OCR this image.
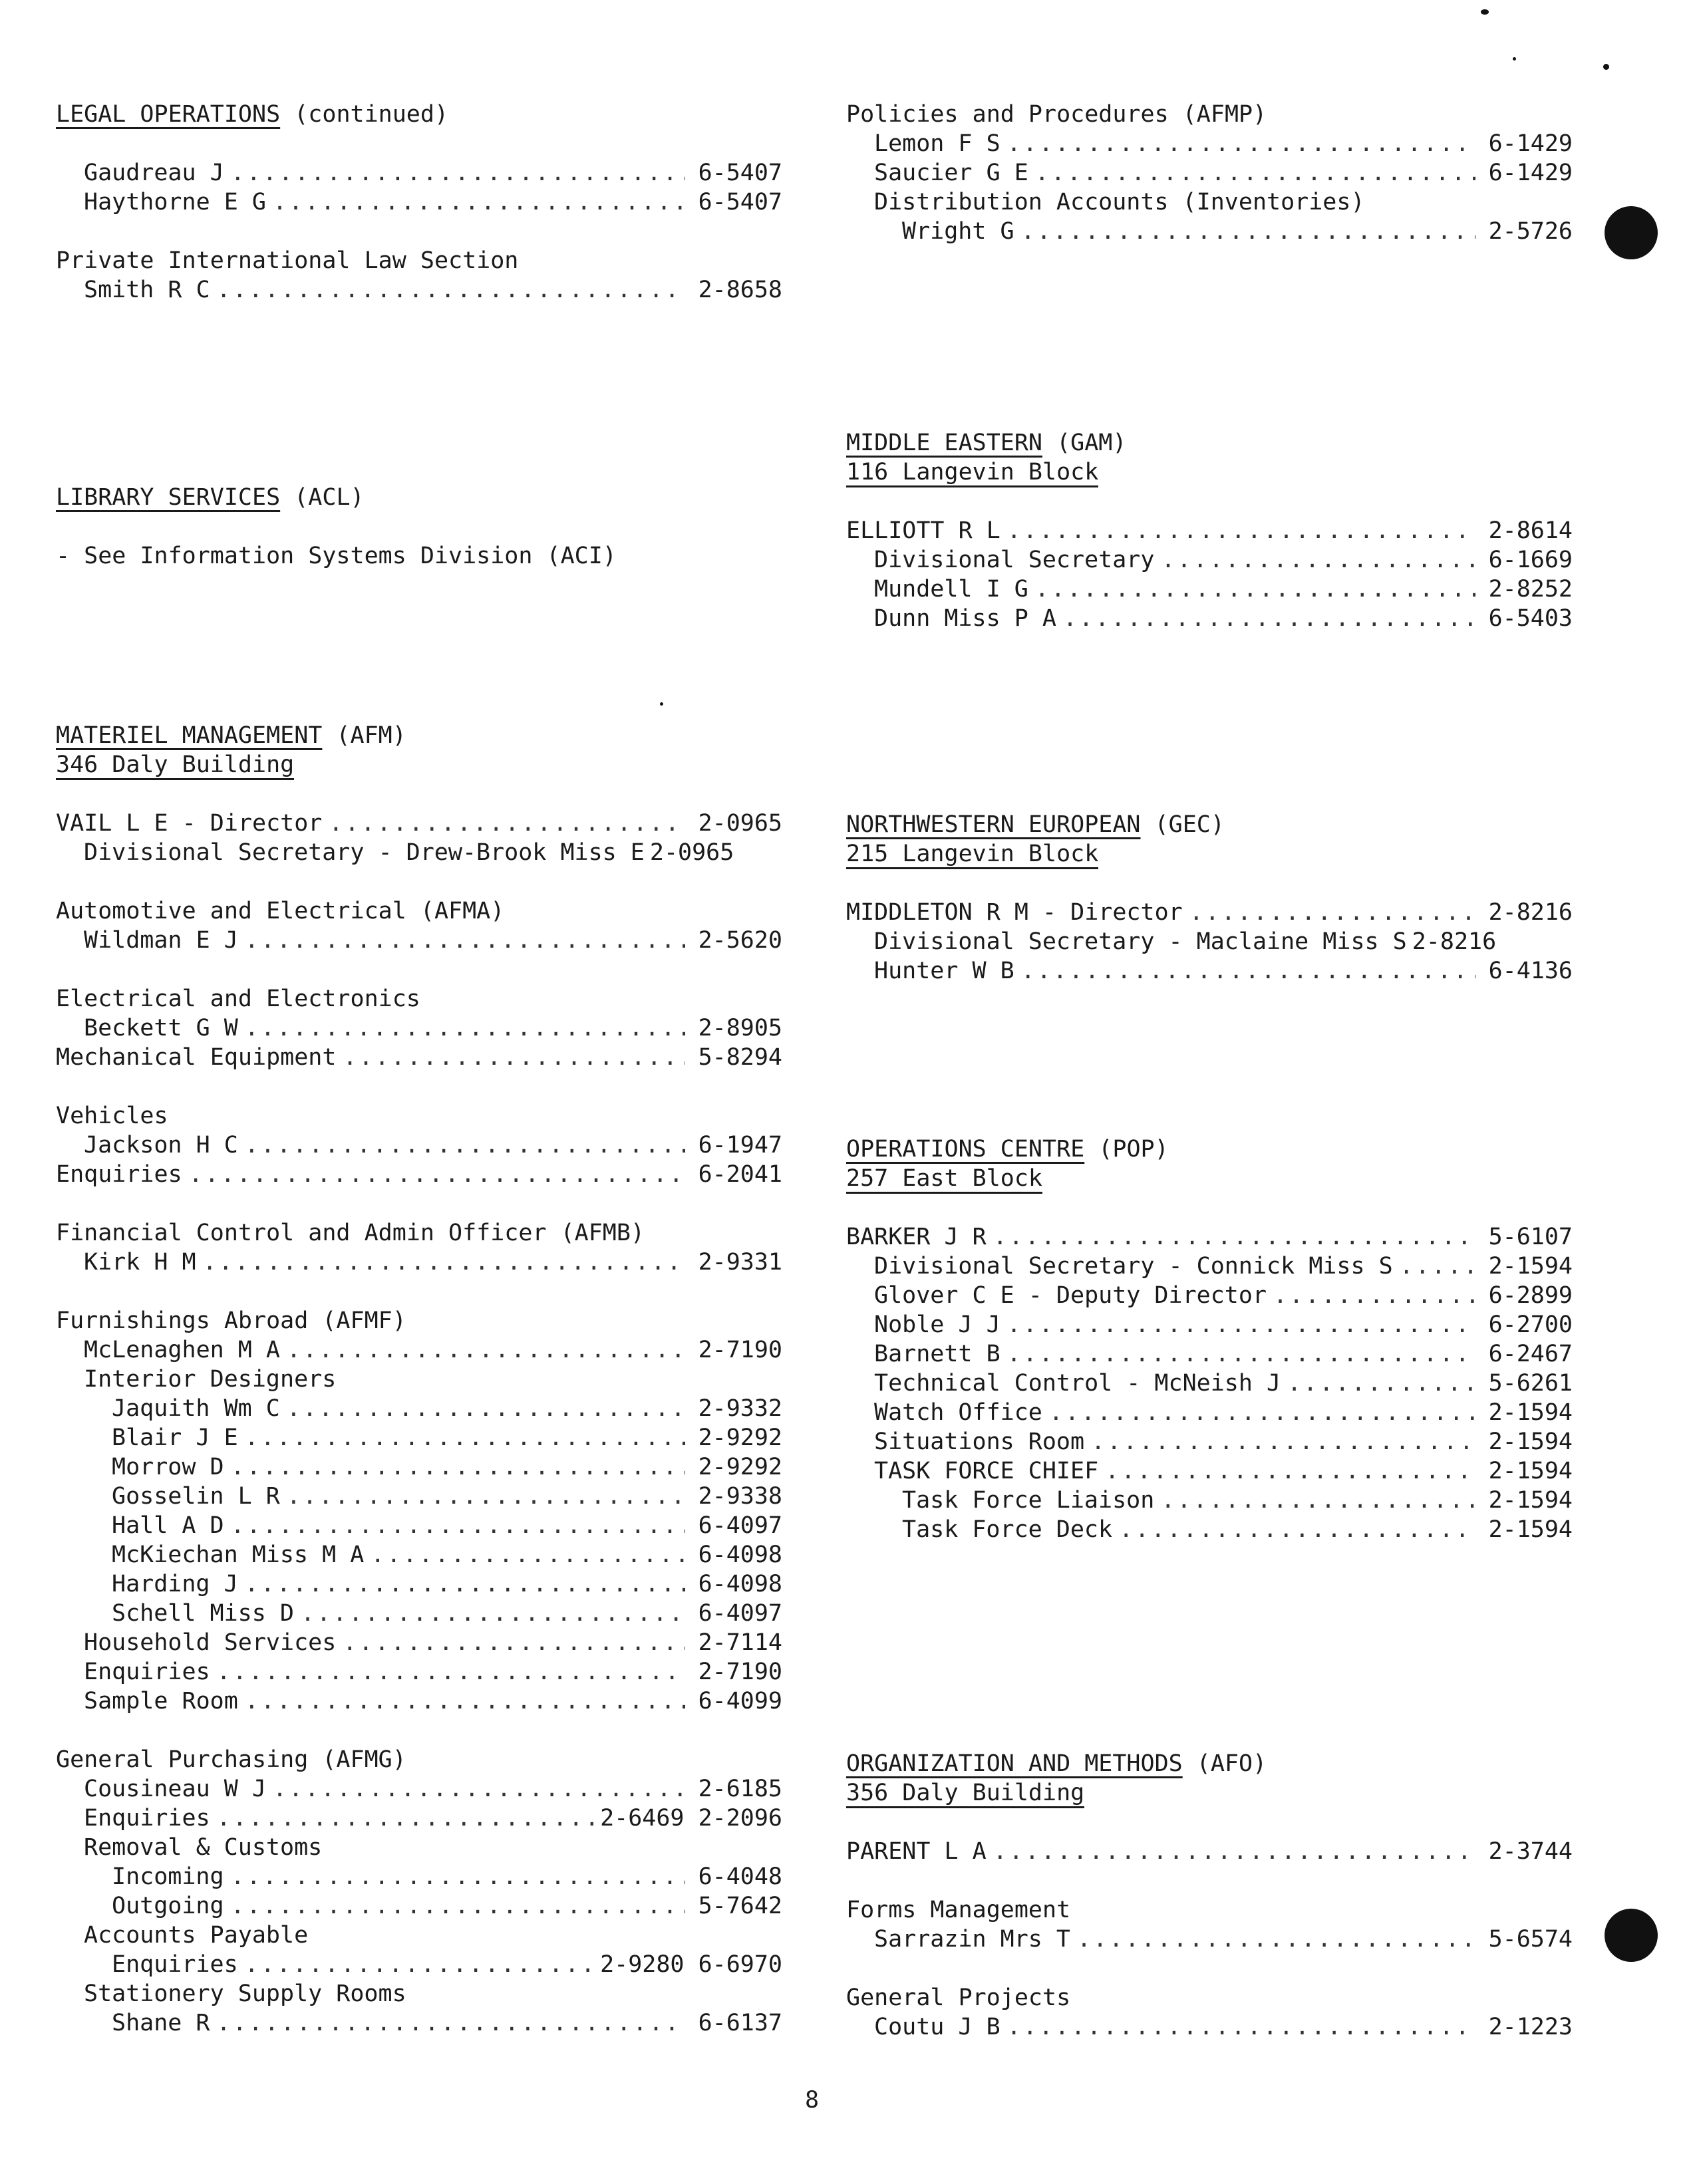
LEGAL OPERATIONS (continued)
Gaudreau J .....	6-5407
Haythorne E G .....	6-5407
Private International Law Section
Smith R C .....	2-8658
LIBRARY SERVICES (ACL)
- See Information Systems Division (ACI)
MATERIEL MANAGEMENT (AFM)
346 Daly Building
VAIL L E - Director .....	2-0965
Divisional Secretary - Drew-Brook Miss E 2-0965
Automotive and Electrical (AFMA)
Wildman E J .....	2-5620
Electrical and Electronics
Beckett G W .....	2-8905
Mechanical Equipment .....	5-8294
Vehicles
Jackson H C .....	6-1947
Enquiries .....	6-2041
Financial Control and Admin Officer (AFMB)
Kirk H M .....	2-9331
Furnishings Abroad (AFMF)
McLenaghen M A .....	2-7190
Interior Designers
Jaquith Wm C .....	2-9332
Blair J E .....	2-9292
Morrow D .....	2-9292
Gosselin L R .....	2-9338
Hall A D .....	6-4097
McKiechan Miss M A .....	6-4098
Harding J .....	6-4098
Schell Miss D .....	6-4097
Household Services .....	2-7114
Enquiries .....	2-7190
Sample Room .....	6-4099
General Purchasing (AFMG)
Cousineau W J .....	2-6185
Enquiries .....	2-6469 2-2096
Removal & Customs
Incoming .....	6-4048
Outgoing .....	5-7642
Accounts Payable
Enquiries .....	2-9280 6-6970
Stationery Supply Rooms
Shane R .....	6-6137
Policies and Procedures (AFMP)
Lemon F S .....	6-1429
Saucier G E .....	6-1429
Distribution Accounts (Inventories)
Wright G .....	2-5726
MIDDLE EASTERN (GAM)
116 Langevin Block
ELLIOTT R L .....	2-8614
Divisional Secretary .....	6-1669
Mundell I G .....	2-8252
Dunn Miss P A .....	6-5403
NORTHWESTERN EUROPEAN (GEC)
215 Langevin Block
MIDDLETON R M - Director .....	2-8216
Divisional Secretary - Maclaine Miss S 2-8216
Hunter W B .....	6-4136
OPERATIONS CENTRE (POP)
257 East Block
BARKER J R .....	5-6107
Divisional Secretary - Connick Miss S .....	2-1594
Glover C E - Deputy Director .....	6-2899
Noble J J .....	6-2700
Barnett B .....	6-2467
Technical Control - McNeish J .....	5-6261
Watch Office .....	2-1594
Situations Room .....	2-1594
TASK FORCE CHIEF .....	2-1594
Task Force Liaison .....	2-1594
Task Force Deck .....	2-1594
ORGANIZATION AND METHODS (AFO)
356 Daly Building
PARENT L A .....	2-3744
Forms Management
Sarrazin Mrs T .....	5-6574
General Projects
Coutu J B .....	2-1223
8
